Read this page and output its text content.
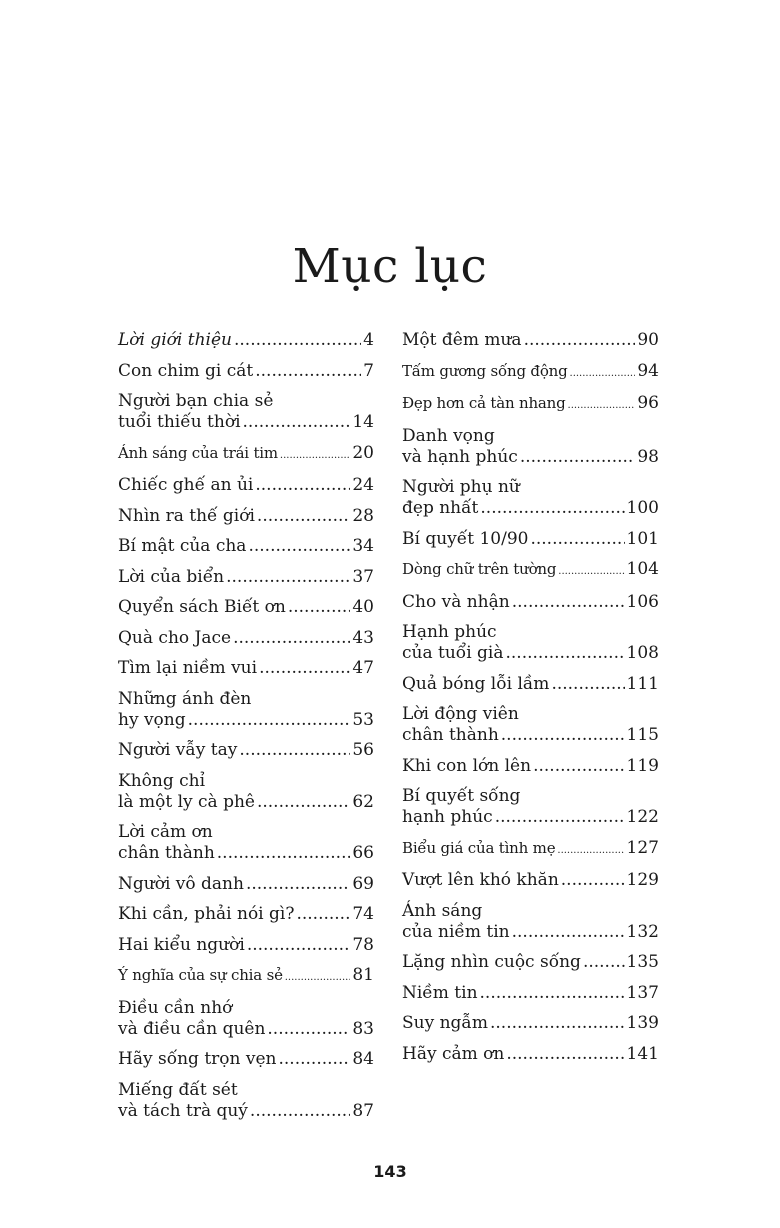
Mục lục
Lời giới thiệu .....	4
Con chim gi cát .....	7
Người bạn chia sẻ
tuổi thiếu thời .....	14
Ánh sáng của trái tim .....	20
Chiếc ghế an ủi .....	24
Nhìn ra thế giới .....	28
Bí mật của cha .....	34
Lời của biển .....	37
Quyển sách Biết ơn .....	40
Quà cho Jace .....	43
Tìm lại niềm vui .....	47
Những ánh đèn
hy vọng .....	53
Người vẫy tay .....	56
Không chỉ
là một ly cà phê .....	62
Lời cảm ơn
chân thành .....	66
Người vô danh .....	69
Khi cần, phải nói gì? .....	74
Hai kiểu người .....	78
Ý nghĩa của sự chia sẻ .....	81
Điều cần nhớ
và điều cần quên .....	83
Hãy sống trọn vẹn .....	84
Miếng đất sét
và tách trà quý .....	87
Một đêm mưa .....	90
Tấm gương sống động .....	94
Đẹp hơn cả tàn nhang .....	96
Danh vọng
và hạnh phúc .....	98
Người phụ nữ
đẹp nhất .....	100
Bí quyết 10/90 .....	101
Dòng chữ trên tường .....	104
Cho và nhận .....	106
Hạnh phúc
của tuổi già .....	108
Quả bóng lỗi lầm .....	111
Lời động viên
chân thành .....	115
Khi con lớn lên .....	119
Bí quyết sống
hạnh phúc .....	122
Biểu giá của tình mẹ .....	127
Vượt lên khó khăn .....	129
Ánh sáng
của niềm tin .....	132
Lặng nhìn cuộc sống .....	135
Niềm tin .....	137
Suy ngẫm .....	139
Hãy cảm ơn .....	141
143
